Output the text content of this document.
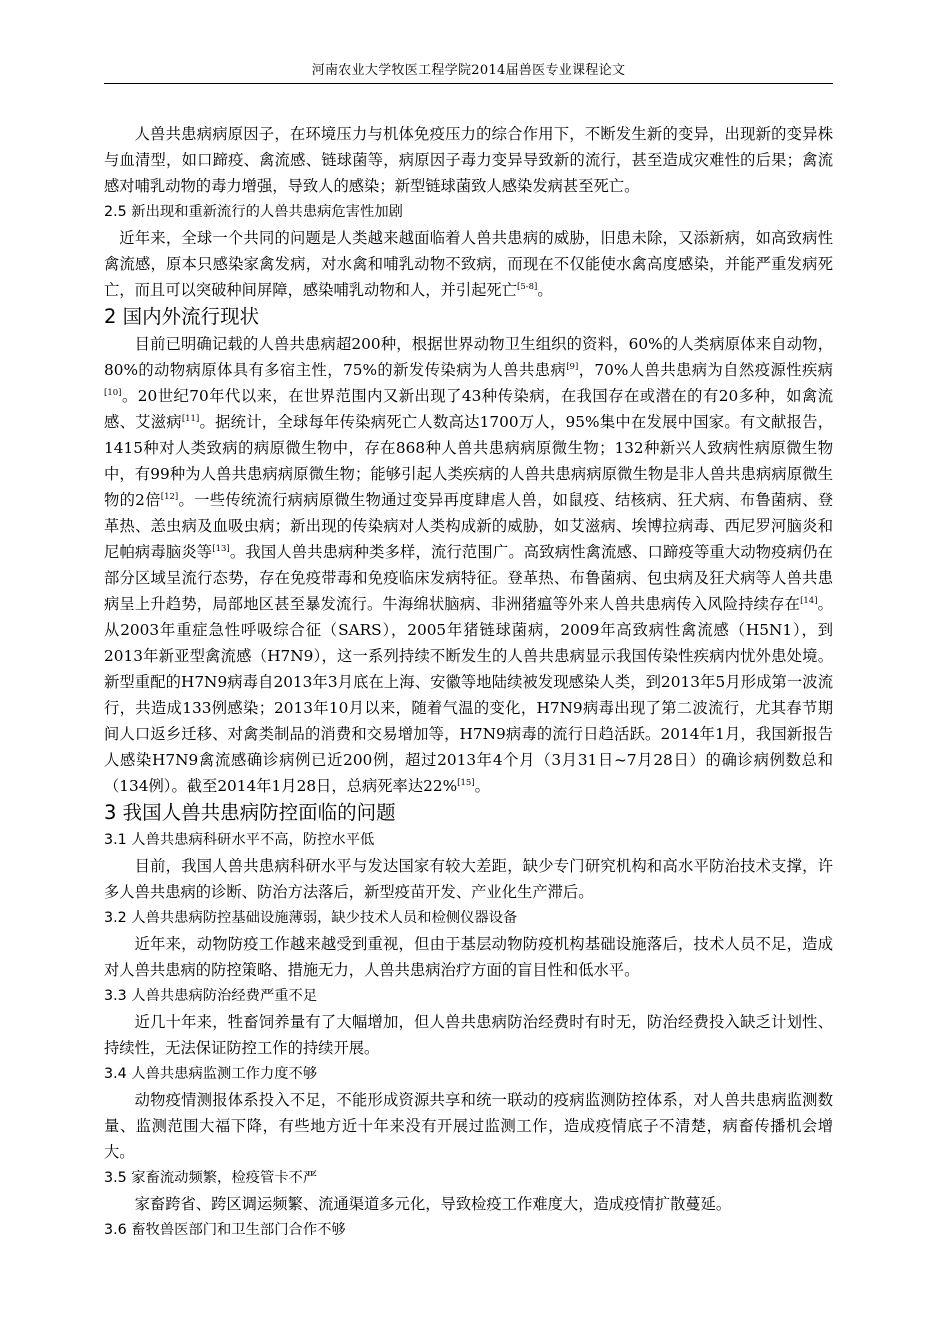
河南农业大学牧医工程学院2014届兽医专业课程论文

人兽共患病病原因子，在环境压力与机体免疫压力的综合作用下，不断发生新的变异，出现新的变异株与血清型，如口蹄疫、禽流感、链球菌等，病原因子毒力变异导致新的流行，甚至造成灾难性的后果；禽流感对哺乳动物的毒力增强，导致人的感染；新型链球菌致人感染发病甚至死亡。

2.5 新出现和重新流行的人兽共患病危害性加剧

近年来，全球一个共同的问题是人类越来越面临着人兽共患病的威胁，旧患未除，又添新病，如高致病性禽流感，原本只感染家禽发病，对水禽和哺乳动物不致病，而现在不仅能使水禽高度感染，并能严重发病死亡，而且可以突破种间屏障，感染哺乳动物和人，并引起死亡[5-8]。

2 国内外流行现状

目前已明确记载的人兽共患病超200种，根据世界动物卫生组织的资料，60%的人类病原体来自动物，80%的动物病原体具有多宿主性，75%的新发传染病为人兽共患病[9]，70%人兽共患病为自然疫源性疾病[10]。20世纪70年代以来，在世界范围内又新出现了43种传染病，在我国存在或潜在的有20多种，如禽流感、艾滋病[11]。据统计，全球每年传染病死亡人数高达1700万人，95%集中在发展中国家。有文献报告，1415种对人类致病的病原微生物中，存在868种人兽共患病病原微生物；132种新兴人致病性病原微生物中，有99种为人兽共患病病原微生物；能够引起人类疾病的人兽共患病病原微生物是非人兽共患病病原微生物的2倍[12]。一些传统流行病病原微生物通过变异再度肆虐人兽，如鼠疫、结核病、狂犬病、布鲁菌病、登革热、恙虫病及血吸虫病；新出现的传染病对人类构成新的威胁，如艾滋病、埃博拉病毒、西尼罗河脑炎和尼帕病毒脑炎等[13]。我国人兽共患病种类多样，流行范围广。高致病性禽流感、口蹄疫等重大动物疫病仍在部分区域呈流行态势，存在免疫带毒和免疫临床发病特征。登革热、布鲁菌病、包虫病及狂犬病等人兽共患病呈上升趋势，局部地区甚至暴发流行。牛海绵状脑病、非洲猪瘟等外来人兽共患病传入风险持续存在[14]。从2003年重症急性呼吸综合征（SARS），2005年猪链球菌病，2009年高致病性禽流感（H5N1），到2013年新亚型禽流感（H7N9），这一系列持续不断发生的人兽共患病显示我国传染性疾病内忧外患处境。新型重配的H7N9病毒自2013年3月底在上海、安徽等地陆续被发现感染人类，到2013年5月形成第一波流行，共造成133例感染；2013年10月以来，随着气温的变化，H7N9病毒出现了第二波流行，尤其春节期间人口返乡迁移、对禽类制品的消费和交易增加等，H7N9病毒的流行日趋活跃。2014年1月，我国新报告人感染H7N9禽流感确诊病例已近200例，超过2013年4个月（3月31日~7月28日）的确诊病例数总和（134例）。截至2014年1月28日，总病死率达22%[15]。

3 我国人兽共患病防控面临的问题
3.1 人兽共患病科研水平不高，防控水平低

目前，我国人兽共患病科研水平与发达国家有较大差距，缺少专门研究机构和高水平防治技术支撑，许多人兽共患病的诊断、防治方法落后，新型疫苗开发、产业化生产滞后。

3.2 人兽共患病防控基础设施薄弱，缺少技术人员和检侧仪器设备

近年来，动物防疫工作越来越受到重视，但由于基层动物防疫机构基础设施落后，技术人员不足，造成对人兽共患病的防控策略、措施无力，人兽共患病治疗方面的盲目性和低水平。

3.3 人兽共患病防治经费严重不足

近几十年来，牲畜饲养量有了大幅增加，但人兽共患病防治经费时有时无，防治经费投入缺乏计划性、持续性，无法保证防控工作的持续开展。

3.4 人兽共患病监测工作力度不够

动物疫情测报体系投入不足，不能形成资源共享和统一联动的疫病监测防控体系，对人兽共患病监测数量、监测范围大福下降，有些地方近十年来没有开展过监测工作，造成疫情底子不清楚，病畜传播机会增大。

3.5 家畜流动频繁，检疫管卡不严

家畜跨省、跨区调运频繁、流通渠道多元化，导致检疫工作难度大，造成疫情扩散蔓延。

3.6 畜牧兽医部门和卫生部门合作不够
